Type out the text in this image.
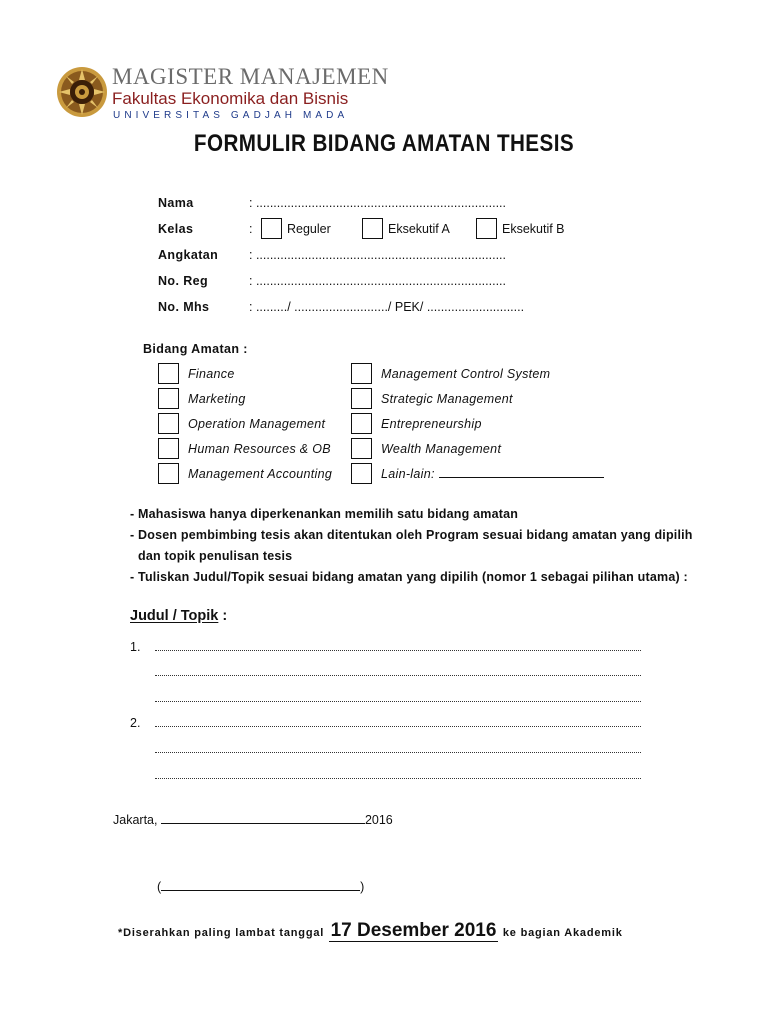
MAGISTER MANAJEMEN
Fakultas Ekonomika dan Bisnis
UNIVERSITAS GADJAH MADA
FORMULIR BIDANG AMATAN THESIS
Nama	: ........................................................................
Kelas	:	Reguler	Eksekutif A	Eksekutif B
Angkatan : ........................................................................
No. Reg	: ........................................................................
No. Mhs	: ........./ .........................../ PEK/ ............................
Bidang Amatan :
Finance
Marketing
Operation Management
Human Resources & OB
Management Accounting
Management Control System
Strategic Management
Entrepreneurship
Wealth Management
Lain-lain:
- Mahasiswa hanya diperkenankan memilih satu bidang amatan
- Dosen pembimbing tesis akan ditentukan oleh Program sesuai bidang amatan yang dipilih
dan topik penulisan tesis
- Tuliskan Judul/Topik sesuai bidang amatan yang dipilih (nomor 1 sebagai pilihan utama) :
Judul / Topik :
1.
2.
Jakarta,	2016
(	)
*Diserahkan paling lambat tanggal 17 Desember 2016 ke bagian Akademik
